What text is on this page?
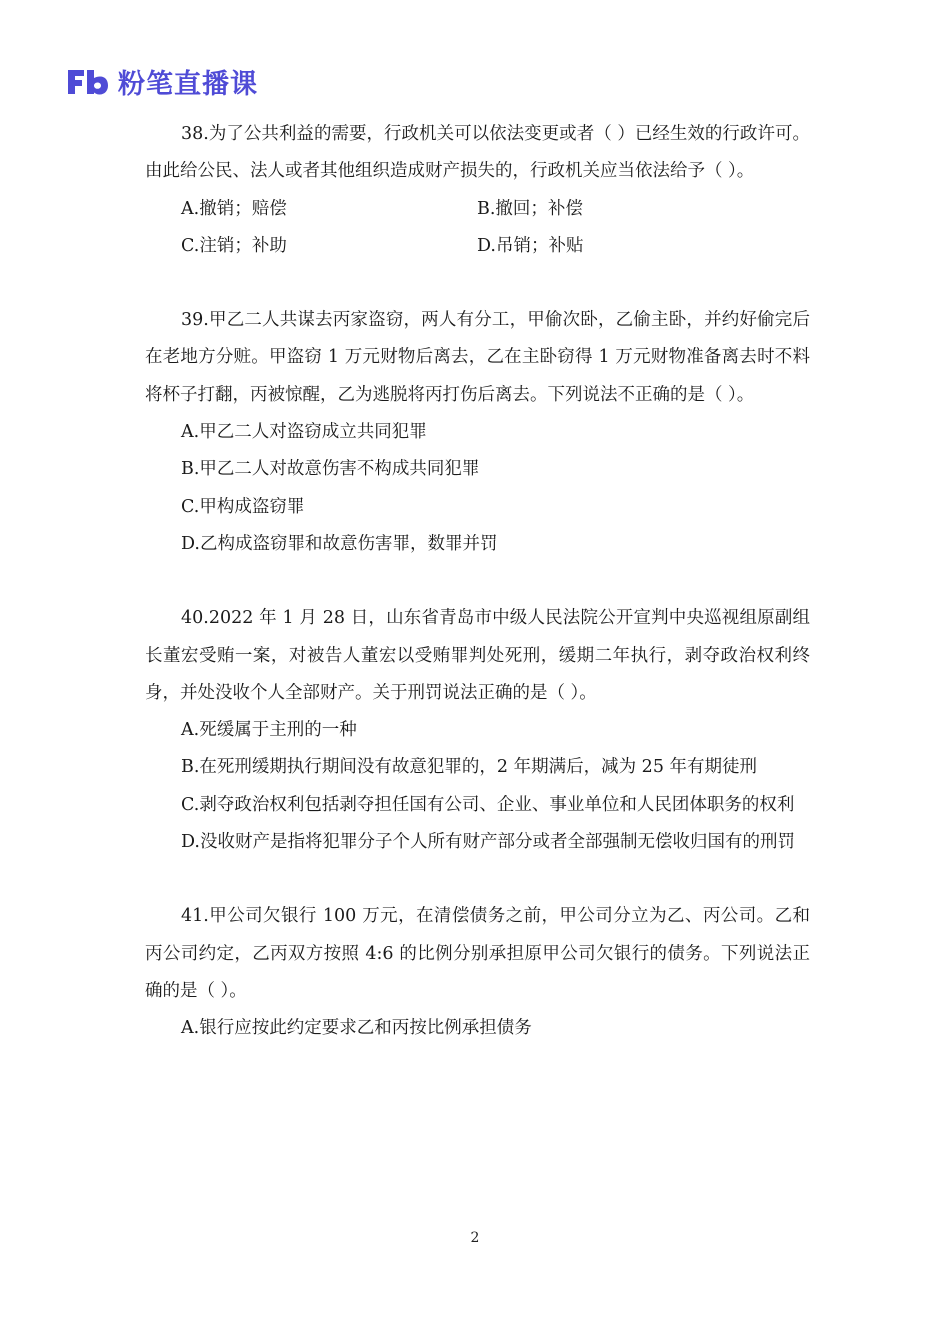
粉笔直播课

38.为了公共利益的需要，行政机关可以依法变更或者（ ）已经生效的行政许可。由此给公民、法人或者其他组织造成财产损失的，行政机关应当依法给予（ ）。

A.撤销；赔偿	B.撤回；补偿
C.注销；补助	D.吊销；补贴

39.甲乙二人共谋去丙家盗窃，两人有分工，甲偷次卧，乙偷主卧，并约好偷完后在老地方分赃。甲盗窃 1 万元财物后离去，乙在主卧窃得 1 万元财物准备离去时不料将杯子打翻，丙被惊醒，乙为逃脱将丙打伤后离去。下列说法不正确的是（ ）。

A.甲乙二人对盗窃成立共同犯罪

B.甲乙二人对故意伤害不构成共同犯罪

C.甲构成盗窃罪

D.乙构成盗窃罪和故意伤害罪，数罪并罚

40.2022 年 1 月 28 日，山东省青岛市中级人民法院公开宣判中央巡视组原副组长董宏受贿一案，对被告人董宏以受贿罪判处死刑，缓期二年执行，剥夺政治权利终身，并处没收个人全部财产。关于刑罚说法正确的是（ ）。

A.死缓属于主刑的一种

B.在死刑缓期执行期间没有故意犯罪的，2 年期满后，减为 25 年有期徒刑

C.剥夺政治权利包括剥夺担任国有公司、企业、事业单位和人民团体职务的权利

D.没收财产是指将犯罪分子个人所有财产部分或者全部强制无偿收归国有的刑罚

41.甲公司欠银行 100 万元，在清偿债务之前，甲公司分立为乙、丙公司。乙和丙公司约定，乙丙双方按照 4:6 的比例分别承担原甲公司欠银行的债务。下列说法正确的是（ ）。

A.银行应按此约定要求乙和丙按比例承担债务

2
